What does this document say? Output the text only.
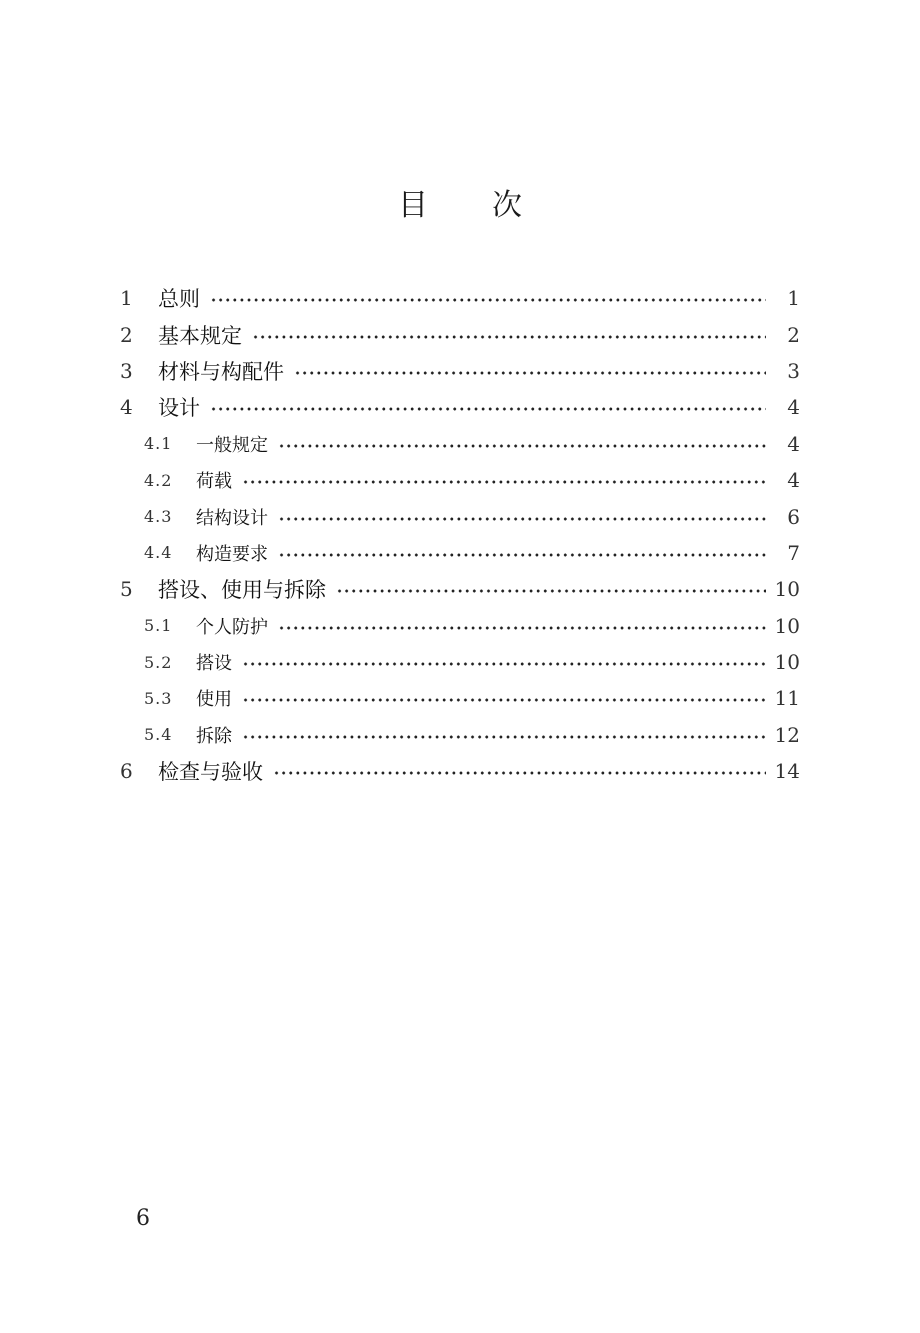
目次
1	总则	1
2	基本规定	2
3	材料与构配件	3
4	设计	4
4.1	一般规定	4
4.2	荷载	4
4.3	结构设计	6
4.4	构造要求	7
5	搭设、使用与拆除	10
5.1	个人防护	10
5.2	搭设	10
5.3	使用	11
5.4	拆除	12
6	检查与验收	14

6
